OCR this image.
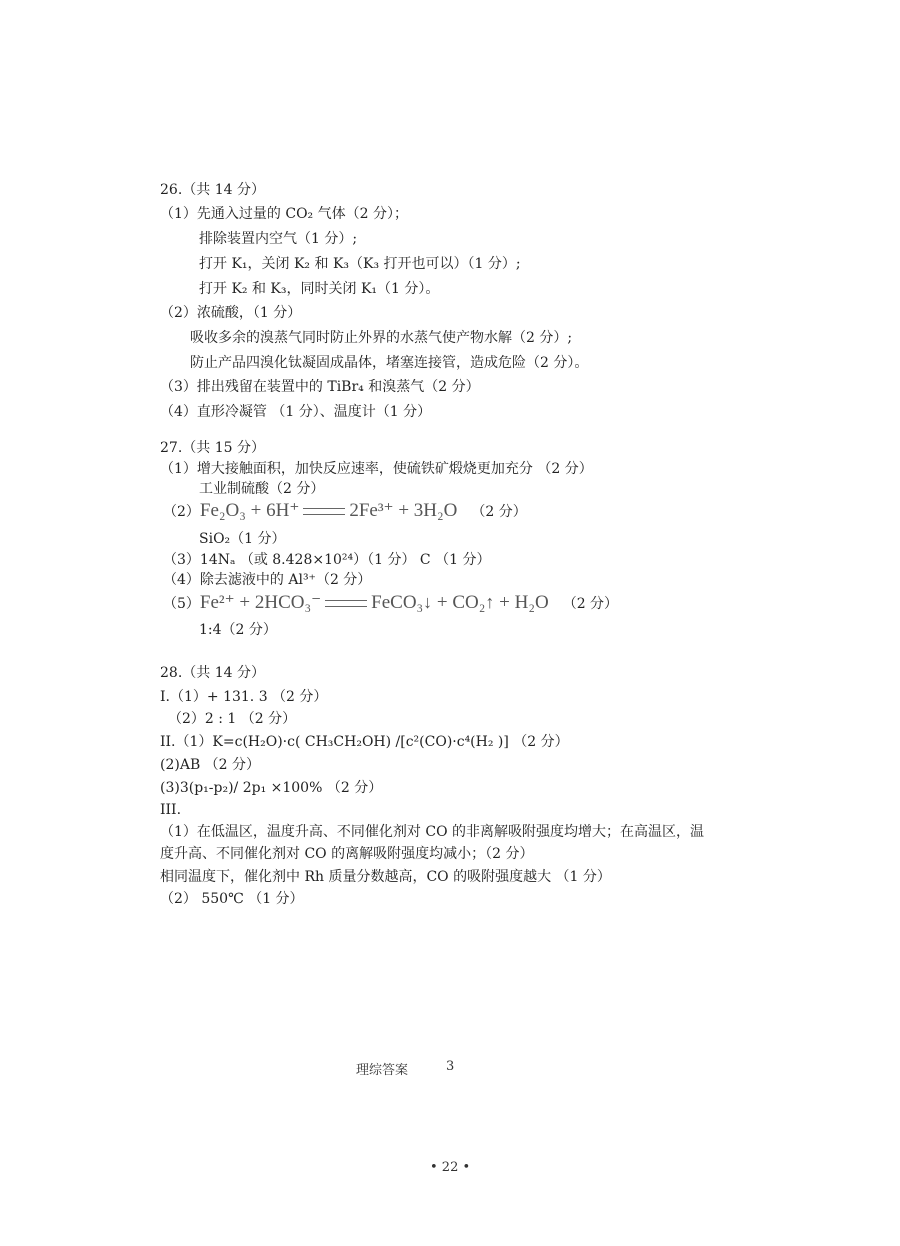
26.（共 14 分）
（1）先通入过量的 CO₂ 气体（2 分）；
排除装置内空气（1 分）;
打开 K₁，关闭 K₂ 和 K₃（K₃ 打开也可以）（1 分）;
打开 K₂ 和 K₃，同时关闭 K₁（1 分）。
（2）浓硫酸，（1 分）
吸收多余的溴蒸气同时防止外界的水蒸气使产物水解（2 分）;
防止产品四溴化钛凝固成晶体，堵塞连接管，造成危险（2 分）。
（3）排出残留在装置中的 TiBr₄ 和溴蒸气（2 分）
（4）直形冷凝管 （1 分）、温度计（1 分）
27.（共 15 分）
（1）增大接触面积，加快反应速率，使硫铁矿煅烧更加充分 （2 分）
工业制硫酸（2 分）
（2）Fe₂O₃ + 6H⁺	2Fe³⁺ + 3H₂O （2 分）
SiO₂（1 分）
（3）14Nₐ （或 8.428×10²⁴）（1 分） C （1 分）
（4）除去滤液中的 Al³⁺（2 分）
（5）Fe²⁺ + 2HCO₃⁻	FeCO₃↓ + CO₂↑ + H₂O （2 分）
1:4（2 分）
28.（共 14 分）
I.（1）+ 131. 3 （2 分）
（2）2 : 1 （2 分）
II.（1）K=c(H₂O)·c( CH₃CH₂OH) /[c²(CO)·c⁴(H₂ )] （2 分）
(2)AB （2 分）
(3)3(p₁-p₂)/ 2p₁ ×100% （2 分）
III.
（1）在低温区，温度升高、不同催化剂对 CO 的非离解吸附强度均增大；在高温区，温
度升高、不同催化剂对 CO 的离解吸附强度均减小；（2 分）
相同温度下，催化剂中 Rh 质量分数越高，CO 的吸附强度越大 （1 分）
（2） 550℃ （1 分）
理综答案	3
• 22 •
